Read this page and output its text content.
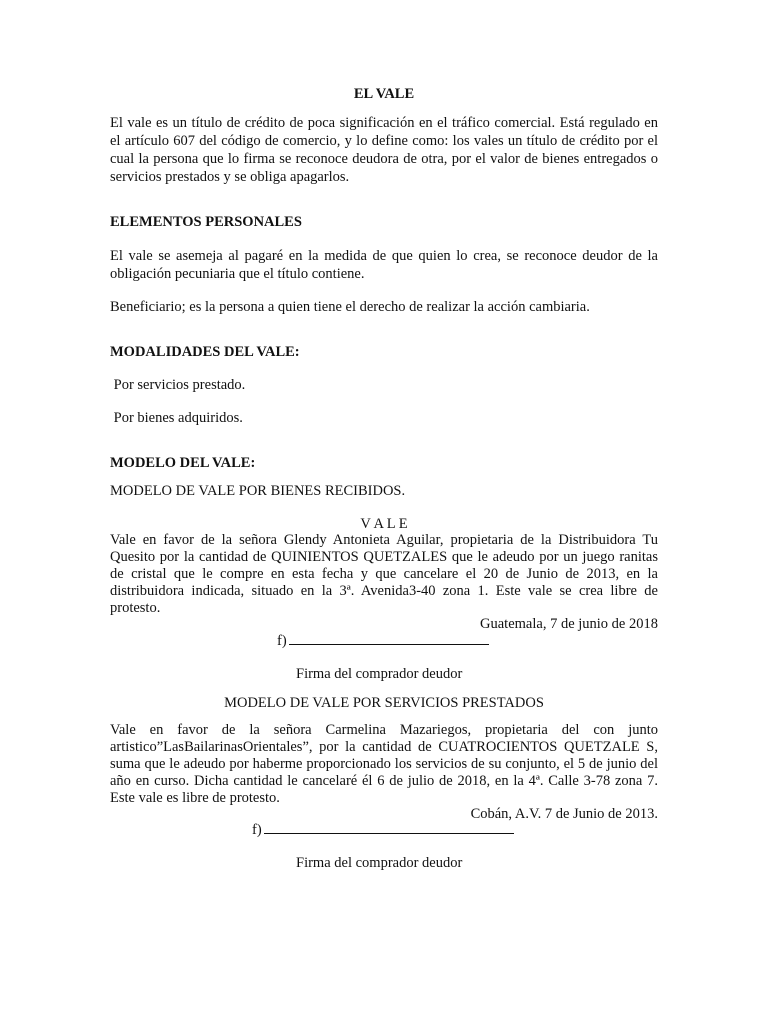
EL VALE

El vale es un título de crédito de poca significación en el tráfico comercial. Está regulado en el artículo 607 del código de comercio, y lo define como: los vales un título de crédito por el cual la persona que lo firma se reconoce deudora de otra, por el valor de bienes entregados o servicios prestados y se obliga apagarlos.

ELEMENTOS PERSONALES

El vale se asemeja al pagaré en la medida de que quien lo crea, se reconoce deudor de la obligación pecuniaria que el título contiene.

Beneficiario; es la persona a quien tiene el derecho de realizar la acción cambiaria.

MODALIDADES DEL VALE:

Por servicios prestado.

Por bienes adquiridos.

MODELO DEL VALE:

MODELO DE VALE POR BIENES RECIBIDOS.

V A L E

Vale en favor de la señora Glendy Antonieta Aguilar, propietaria de la Distribuidora Tu Quesito por la cantidad de QUINIENTOS QUETZALES que le adeudo por un juego ranitas de cristal que le compre en esta fecha y que cancelare el 20 de Junio de 2013, en la distribuidora indicada, situado en la 3ª. Avenida3-40 zona 1. Este vale se crea libre de protesto.

Guatemala, 7 de junio de 2018

f)

Firma del comprador deudor

MODELO DE VALE POR SERVICIOS PRESTADOS

Vale en favor de la señora Carmelina Mazariegos, propietaria del con junto artistico”LasBailarinasOrientales”, por la cantidad de CUATROCIENTOS QUETZALE S, suma que le adeudo por haberme proporcionado los servicios de su conjunto, el 5 de junio del año en curso. Dicha cantidad le cancelaré él 6 de julio de 2018, en la 4ª. Calle 3-78 zona 7. Este vale es libre de protesto.

Cobán, A.V. 7 de Junio de 2013.

f)

Firma del comprador deudor
